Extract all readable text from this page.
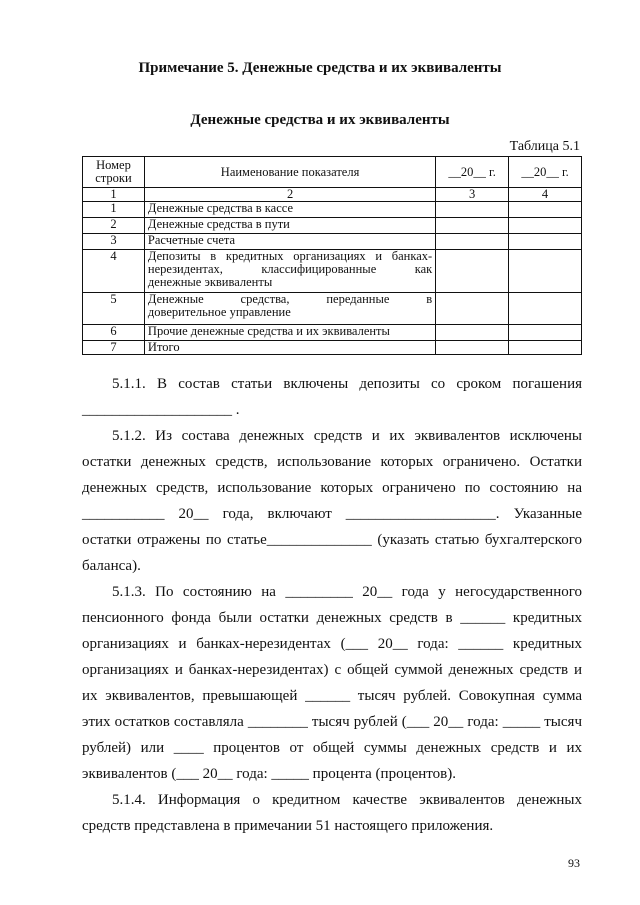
Примечание 5. Денежные средства и их эквиваленты
Денежные средства и их эквиваленты
Таблица 5.1
Номер строки	Наименование показателя	__20__ г.	__20__ г.
1	2	3	4
1	Денежные средства в кассе		
2	Денежные средства в пути		
3	Расчетные счета		
4	Депозиты в кредитных организациях и банках-
нерезидентах, классифицированные как
денежные эквиваленты		

5	Денежные средства, переданные в
доверительное управление		

6	Прочие денежные средства и их эквиваленты		
7	Итого		
5.1.1. В состав статьи включены депозиты со сроком погашения
____________________ .
5.1.2. Из состава денежных средств и их эквивалентов исключены
остатки денежных средств, использование которых ограничено. Остатки
денежных средств, использование которых ограничено по состоянию на
___________ 20__ года, включают ____________________. Указанные
остатки отражены по статье______________ (указать статью бухгалтерского
баланса).
5.1.3. По состоянию на _________ 20__ года у негосударственного
пенсионного фонда были остатки денежных средств в ______ кредитных
организациях и банках-нерезидентах (___ 20__ года: ______ кредитных
организациях и банках-нерезидентах) с общей суммой денежных средств и
их эквивалентов, превышающей ______ тысяч рублей. Совокупная сумма
этих остатков составляла ________ тысяч рублей (___ 20__ года: _____ тысяч
рублей) или ____ процентов от общей суммы денежных средств и их
эквивалентов (___ 20__ года: _____ процента (процентов).
5.1.4. Информация о кредитном качестве эквивалентов денежных
средств представлена в примечании 51 настоящего приложения.
93
